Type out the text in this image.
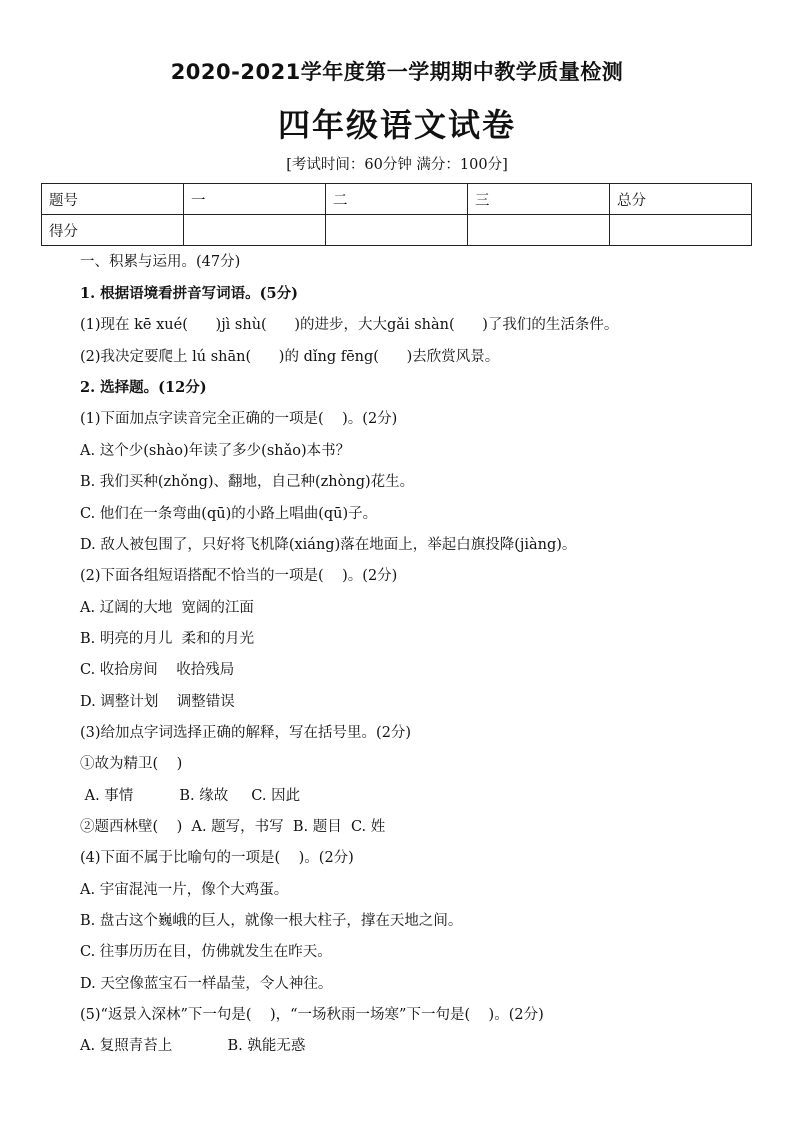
2020-2021学年度第一学期期中教学质量检测
四年级语文试卷
[考试时间：60分钟 满分：100分]
题号	一	二	三	总分
得分				
一、积累与运用。(47分)
1. 根据语境看拼音写词语。(5分)
(1)现在 kē xué(      )jì shù(      )的进步，大大gǎi shàn(      )了我们的生活条件。
(2)我决定要爬上 lú shān(      )的 dǐng fēng(      )去欣赏风景。
2. 选择题。(12分)
(1)下面加点字读音完全正确的一项是(    )。(2分)
A. 这个少(shào)年读了多少(shǎo)本书？
B. 我们买种(zhǒng)、翻地，自己种(zhòng)花生。
C. 他们在一条弯曲(qū)的小路上唱曲(qū)子。
D. 敌人被包围了，只好将飞机降(xiáng)落在地面上，举起白旗投降(jiàng)。
(2)下面各组短语搭配不恰当的一项是(    )。(2分)
A. 辽阔的大地  宽阔的江面
B. 明亮的月儿  柔和的月光
C. 收拾房间    收拾残局
D. 调整计划    调整错误
(3)给加点字词选择正确的解释，写在括号里。(2分)
①故为精卫(    )
A. 事情          B. 缘故     C. 因此
②题西林壁(    )  A. 题写，书写  B. 题目  C. 姓
(4)下面不属于比喻句的一项是(    )。(2分)
A. 宇宙混沌一片，像个大鸡蛋。
B. 盘古这个巍峨的巨人，就像一根大柱子，撑在天地之间。
C. 往事历历在目，仿佛就发生在昨天。
D. 天空像蓝宝石一样晶莹，令人神往。
(5)“返景入深林”下一句是(    )，“一场秋雨一场寒”下一句是(    )。(2分)
A. 复照青苔上            B. 孰能无惑
